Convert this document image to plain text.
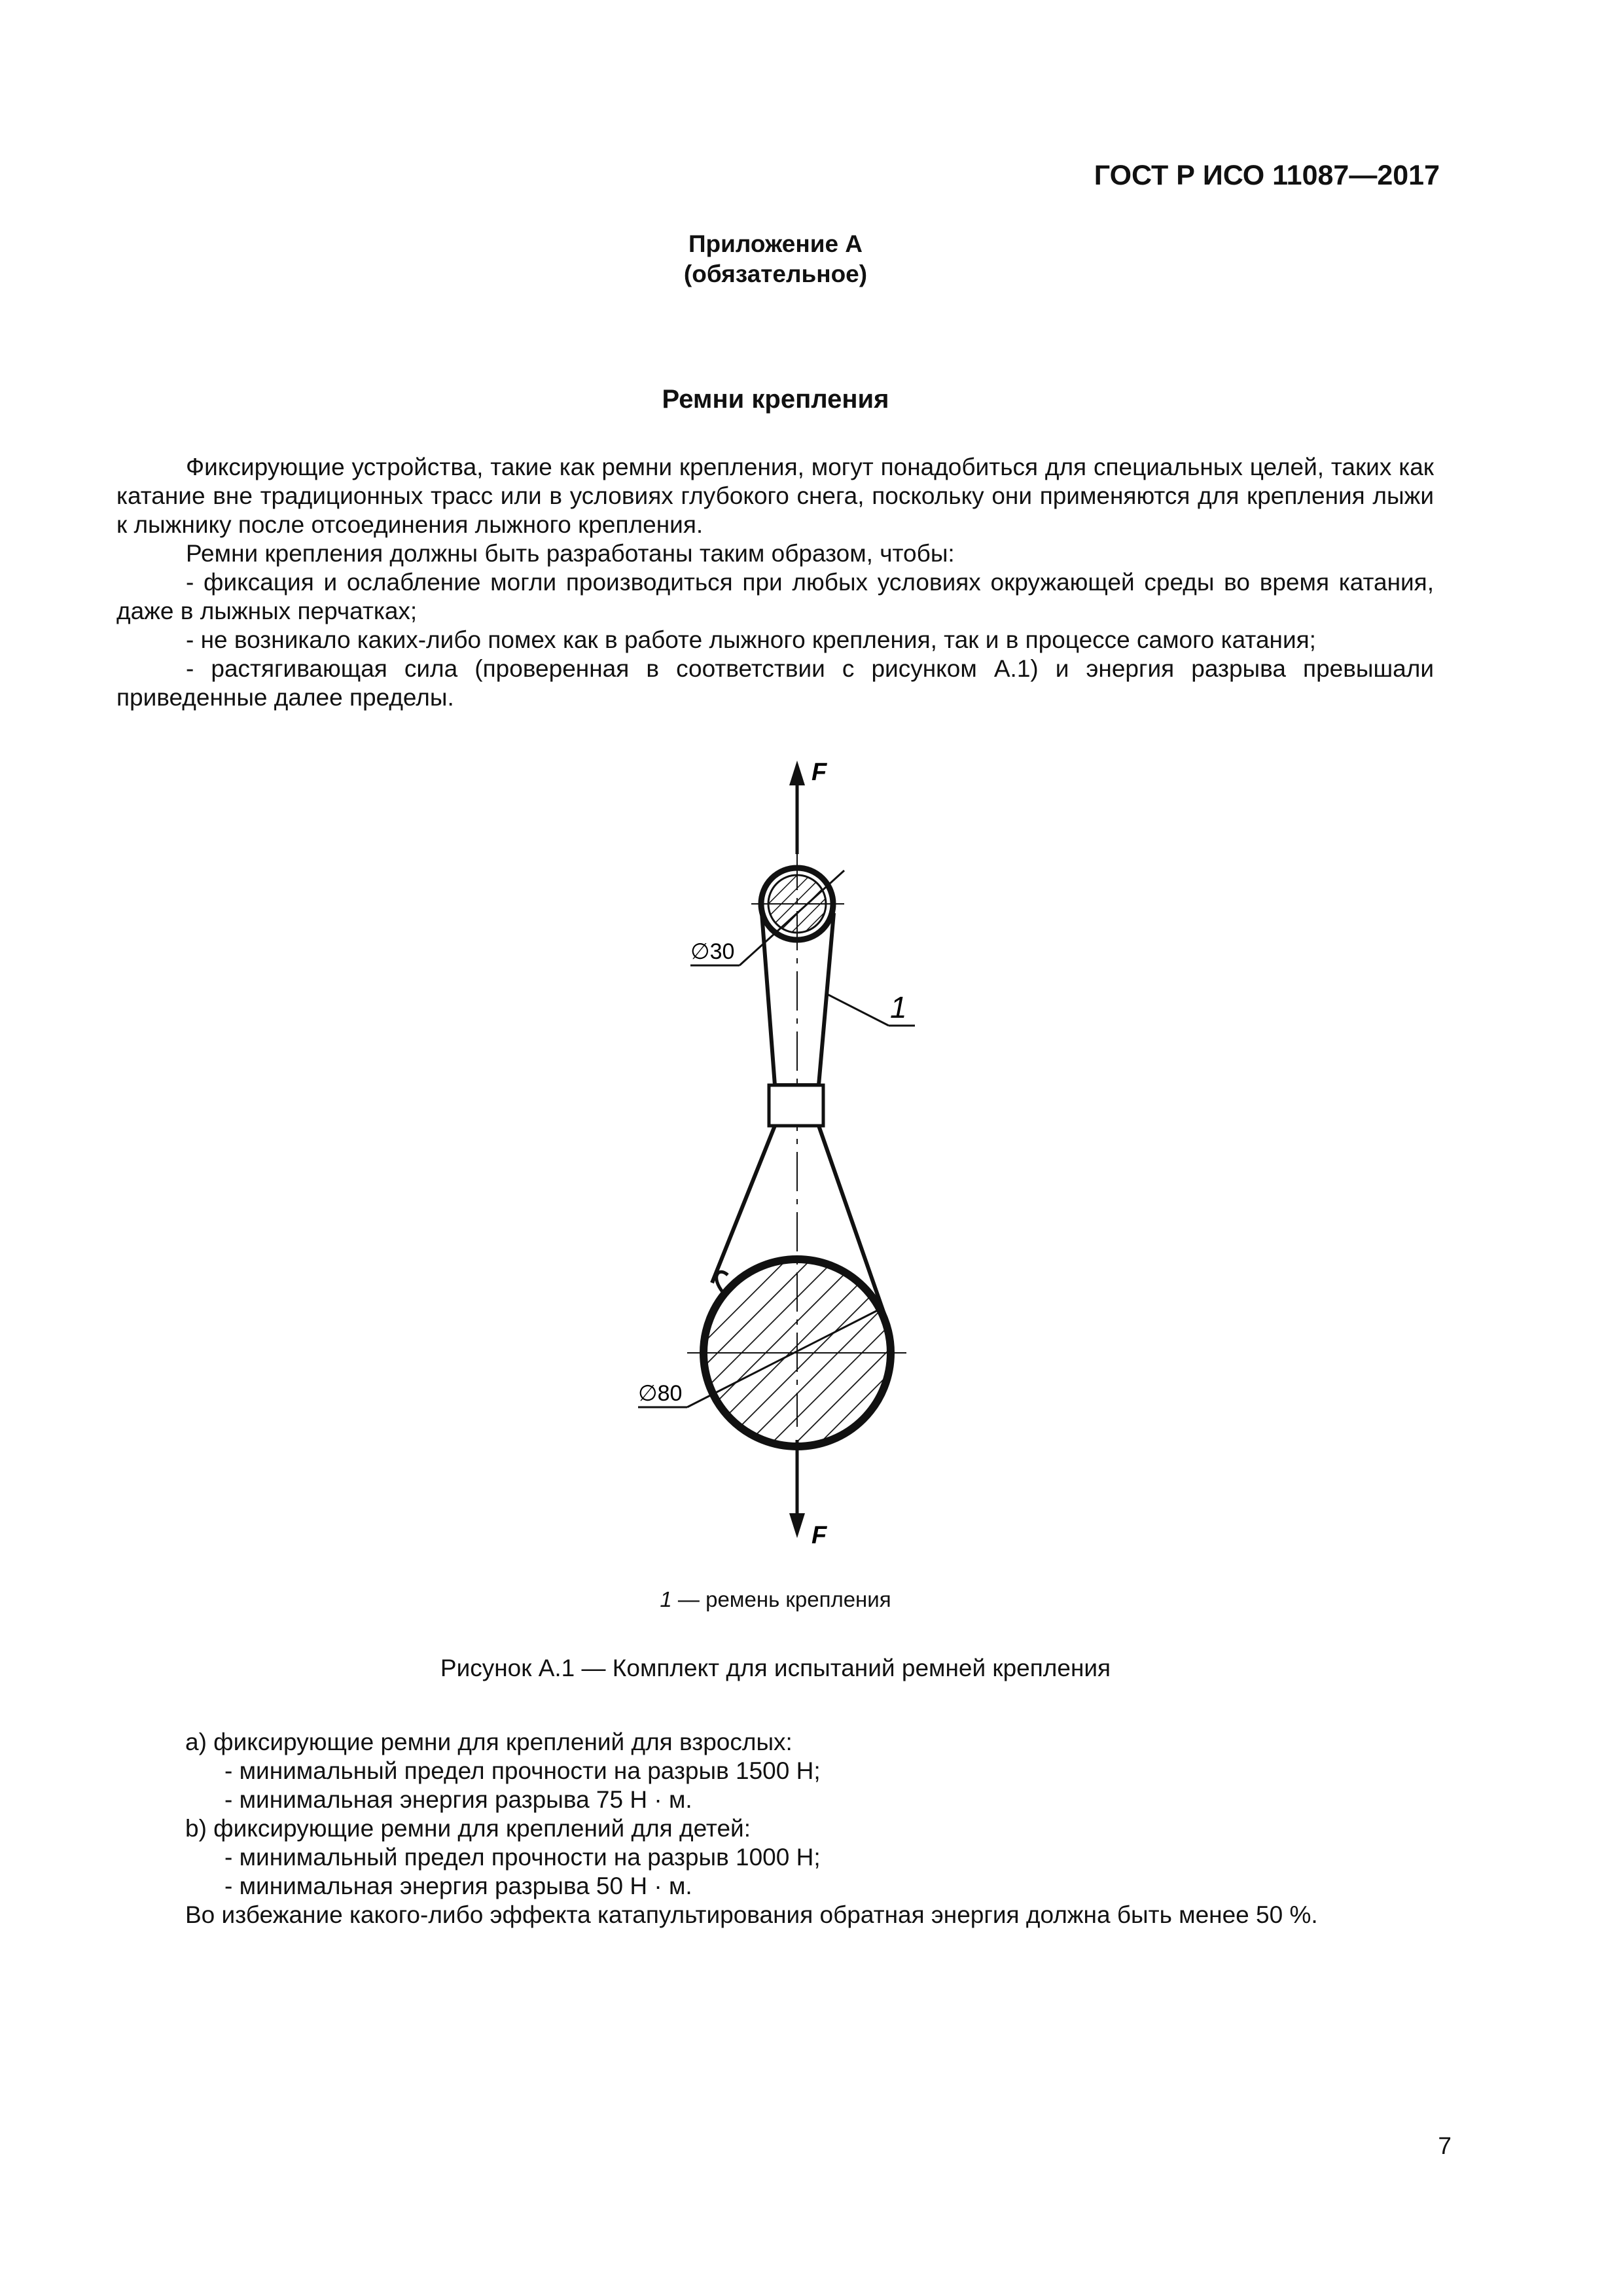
ГОСТ Р ИСО 11087—2017
Приложение А
(обязательное)
Ремни крепления

Фиксирующие устройства, такие как ремни крепления, могут понадобиться для специальных целей, таких как катание вне традиционных трасс или в условиях глубокого снега, поскольку они применяются для крепления лыжи к лыжнику после отсоединения лыжного крепления.

Ремни крепления должны быть разработаны таким образом, чтобы:

- фиксация и ослабление могли производиться при любых условиях окружающей среды во время катания, даже в лыжных перчатках;

- не возникало каких-либо помех как в работе лыжного крепления, так и в процессе самого катания;

- растягивающая сила (проверенная в соответствии с рисунком А.1) и энергия разрыва превышали приведенные далее пределы.

F
∅30
∅80
1
F
1 — ремень крепления
Рисунок А.1 — Комплект для испытаний ремней крепления

a) фиксирующие ремни для креплений для взрослых:

- минимальный предел прочности на разрыв 1500 Н;

- минимальная энергия разрыва 75 Н · м.

b) фиксирующие ремни для креплений для детей:

- минимальный предел прочности на разрыв 1000 Н;

- минимальная энергия разрыва 50 Н · м.

Во избежание какого-либо эффекта катапультирования обратная энергия должна быть менее 50 %.

7
